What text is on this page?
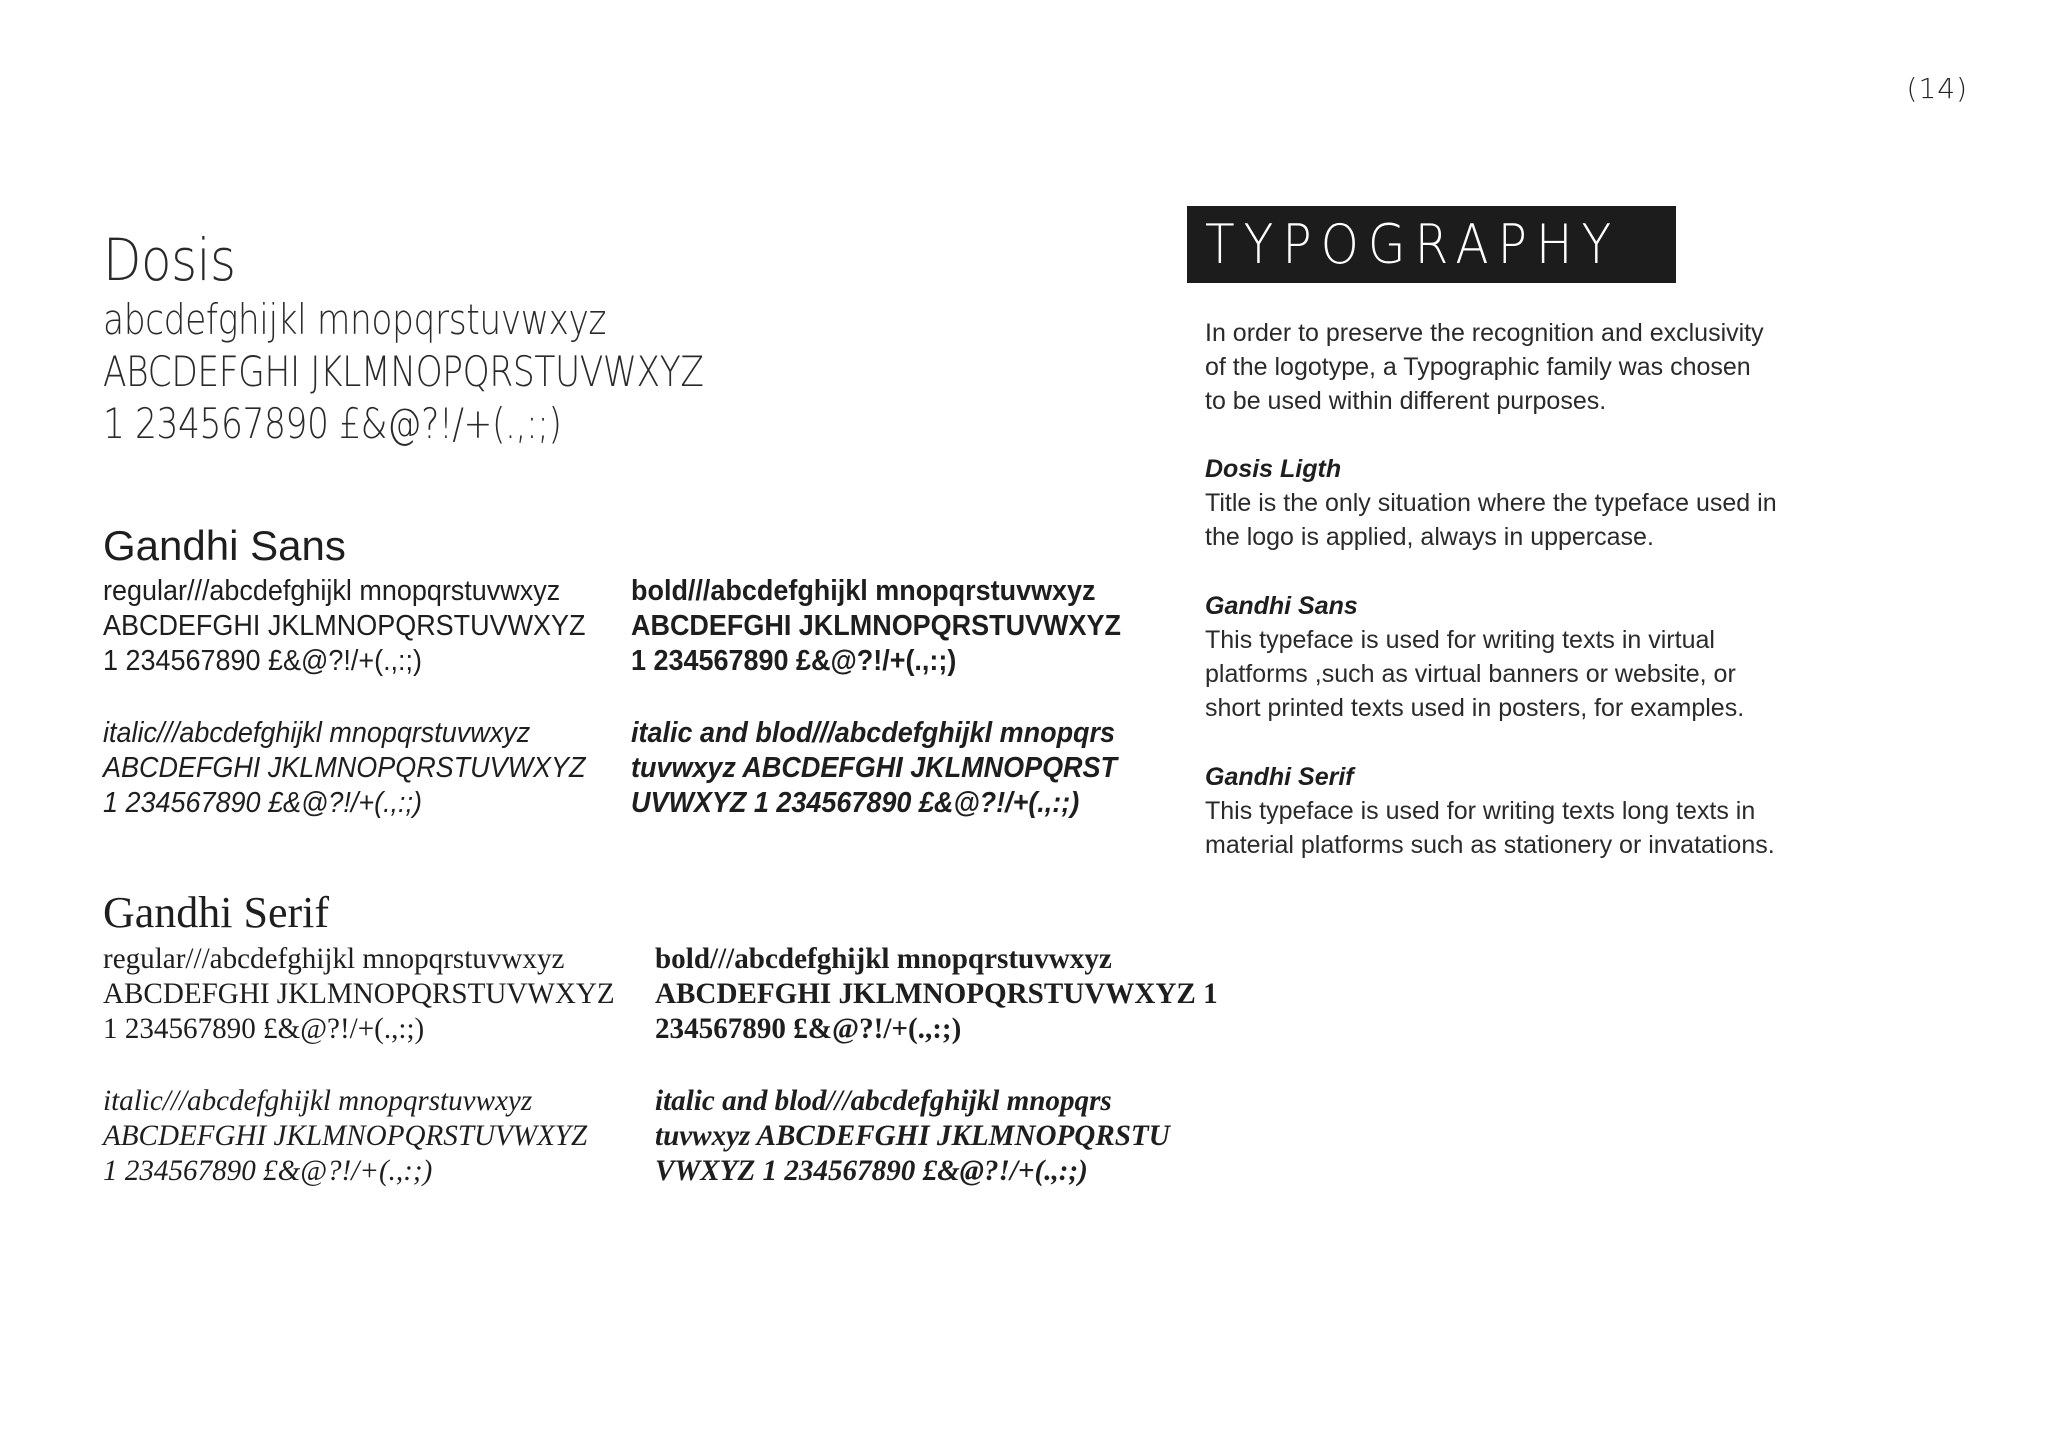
(14)
Dosis
abcdefghijkl mnopqrstuvwxyz
ABCDEFGHI JKLMNOPQRSTUVWXYZ
1 234567890 £&@?!/+(.,:;)
Gandhi Sans
regular///abcdefghijkl mnopqrstuvwxyz
ABCDEFGHI JKLMNOPQRSTUVWXYZ
1 234567890 £&@?!/+(.,:;)
bold///abcdefghijkl mnopqrstuvwxyz
ABCDEFGHI JKLMNOPQRSTUVWXYZ
1 234567890 £&@?!/+(.,:;)
italic///abcdefghijkl mnopqrstuvwxyz
ABCDEFGHI JKLMNOPQRSTUVWXYZ
1 234567890 £&@?!/+(.,:;)
italic and blod///abcdefghijkl mnopqrs
tuvwxyz ABCDEFGHI JKLMNOPQRST
UVWXYZ 1 234567890 £&@?!/+(.,:;)
Gandhi Serif
regular///abcdefghijkl mnopqrstuvwxyz
ABCDEFGHI JKLMNOPQRSTUVWXYZ
1 234567890 £&@?!/+(.,:;)
bold///abcdefghijkl mnopqrstuvwxyz
ABCDEFGHI JKLMNOPQRSTUVWXYZ 1
234567890 £&@?!/+(.,:;)
italic///abcdefghijkl mnopqrstuvwxyz
ABCDEFGHI JKLMNOPQRSTUVWXYZ
1 234567890 £&@?!/+(.,:;)
italic and blod///abcdefghijkl mnopqrs
tuvwxyz ABCDEFGHI JKLMNOPQRSTU
VWXYZ 1 234567890 £&@?!/+(.,:;)
TYPOGRAPHY
In order to preserve the recognition and exclusivity
of the logotype, a Typographic family was chosen
to be used within different purposes.
Dosis Ligth
Title is the only situation where the typeface used in
the logo is applied, always in uppercase.
Gandhi Sans
This typeface is used for writing texts in virtual
platforms ,such as virtual banners or website, or
short printed texts used in posters, for examples.
Gandhi Serif
This typeface is used for writing texts long texts in
material platforms such as stationery or invatations.
